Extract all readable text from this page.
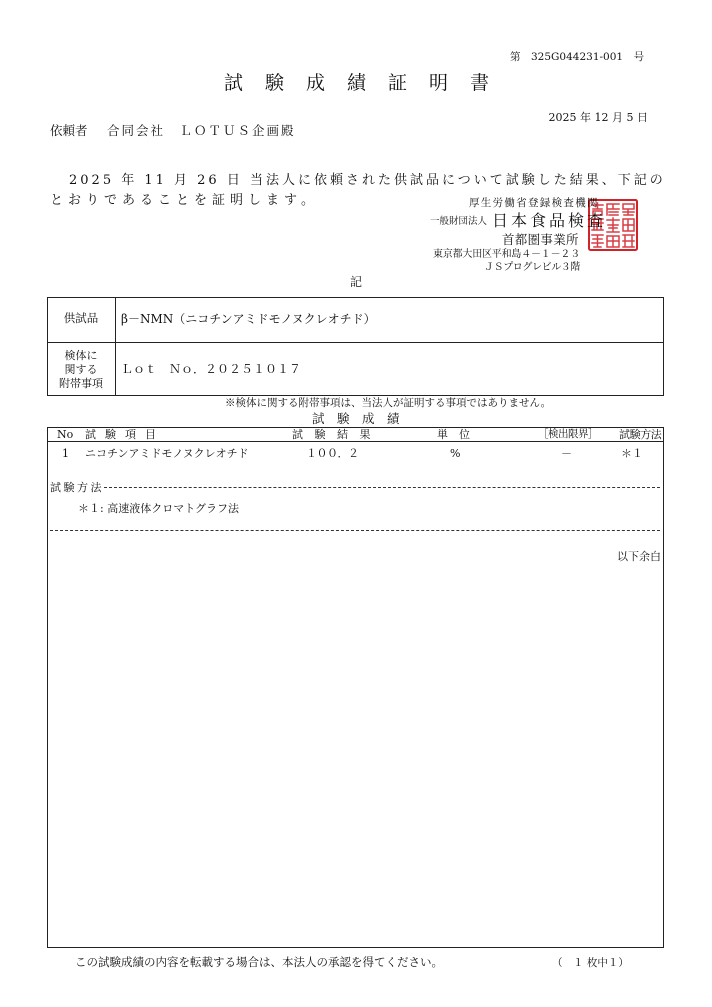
第　325G044231-001　号
試験成績証明書
2025 年 12 月 5 日
依頼者 合同会社　ＬＯＴＵＳ企画 殿
2025 年 11 月 26 日 当法人に依頼された供試品について試験した結果、下記の
とおりであることを証明します。	厚生労働省登録検査機関
一般財団法人 日本食品検査
首都圏事業所
東京都大田区平和島４－１－２３
ＪＳプログレビル３階
記
供試品	β－NMN（ニコチンアミドモノヌクレオチド）
検体に
関する
附帯事項
Ｌｏｔ　Ｎｏ．２０２５１０１７
※検体に関する附帯事項は、当法人が証明する事項ではありません。
試験成績
No 試験項目	試験結果	単位	［検出限界］ 試験方法
1 ニコチンアミドモノヌクレオチド	１００．２	%	－	＊１
試験方法
＊１: 高速液体クロマトグラフ法
以下余白
この試験成績の内容を転載する場合は、本法人の承認を得てください。	（　１ 枚中１）
